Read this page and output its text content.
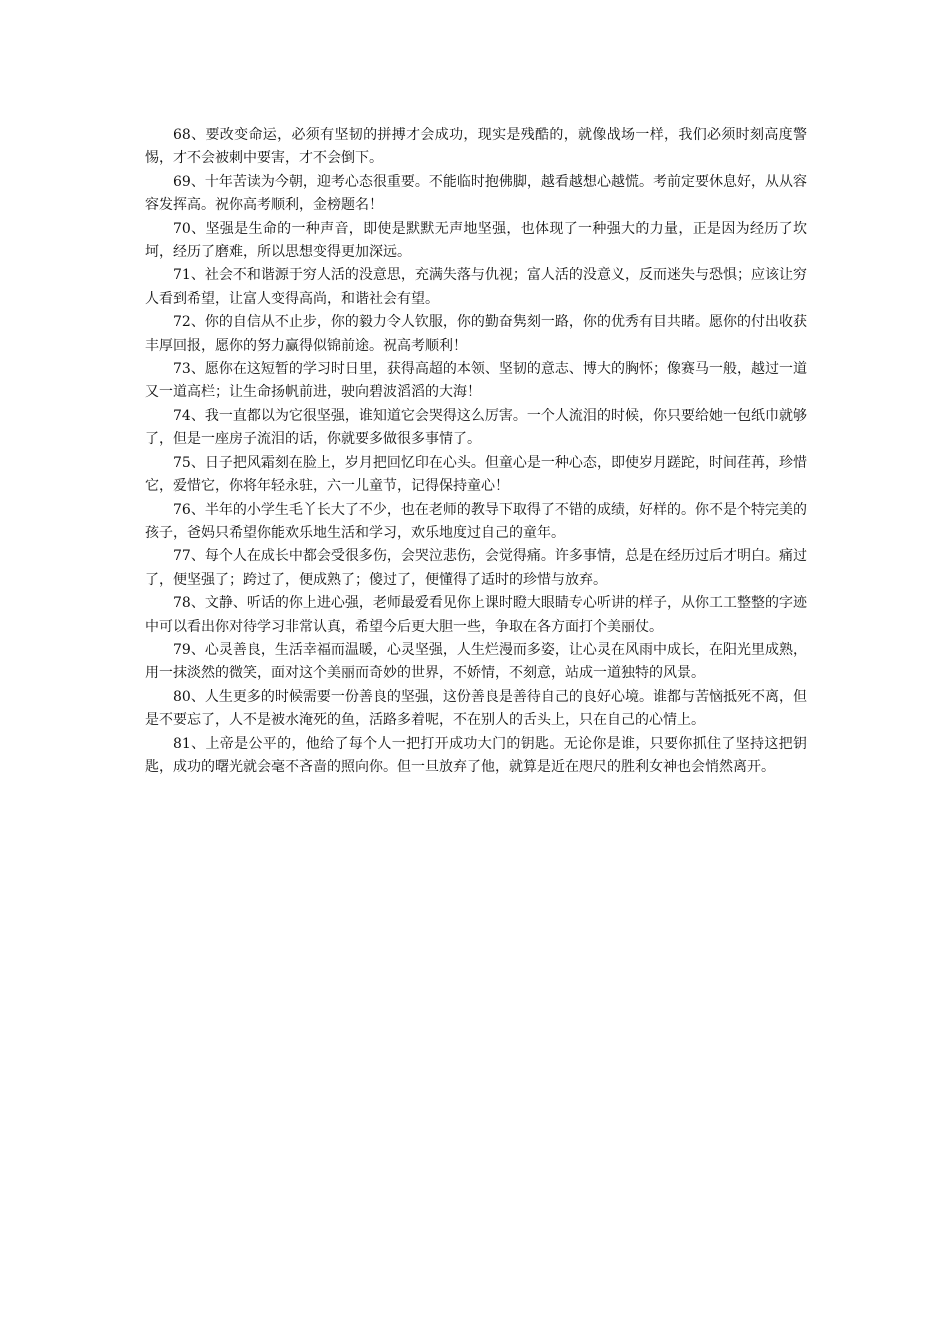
68、要改变命运，必须有坚韧的拼搏才会成功，现实是残酷的，就像战场一样，我们必须时刻高度警惕，才不会被刺中要害，才不会倒下。

69、十年苦读为今朝，迎考心态很重要。不能临时抱佛脚，越看越想心越慌。考前定要休息好，从从容容发挥高。祝你高考顺利，金榜题名！

70、坚强是生命的一种声音，即使是默默无声地坚强，也体现了一种强大的力量，正是因为经历了坎坷，经历了磨难，所以思想变得更加深远。

71、社会不和谐源于穷人活的没意思，充满失落与仇视；富人活的没意义，反而迷失与恐惧；应该让穷人看到希望，让富人变得高尚，和谐社会有望。

72、你的自信从不止步，你的毅力令人钦服，你的勤奋隽刻一路，你的优秀有目共睹。愿你的付出收获丰厚回报，愿你的努力赢得似锦前途。祝高考顺利！

73、愿你在这短暂的学习时日里，获得高超的本领、坚韧的意志、博大的胸怀；像赛马一般，越过一道又一道高栏；让生命扬帆前进，驶向碧波滔滔的大海！

74、我一直都以为它很坚强，谁知道它会哭得这么厉害。一个人流泪的时候，你只要给她一包纸巾就够了，但是一座房子流泪的话，你就要多做很多事情了。

75、日子把风霜刻在脸上，岁月把回忆印在心头。但童心是一种心态，即使岁月蹉跎，时间荏苒，珍惜它，爱惜它，你将年轻永驻，六一儿童节，记得保持童心！

76、半年的小学生毛丫长大了不少，也在老师的教导下取得了不错的成绩，好样的。你不是个特完美的孩子，爸妈只希望你能欢乐地生活和学习，欢乐地度过自己的童年。

77、每个人在成长中都会受很多伤，会哭泣悲伤，会觉得痛。许多事情，总是在经历过后才明白。痛过了，便坚强了；跨过了，便成熟了；傻过了，便懂得了适时的珍惜与放弃。

78、文静、听话的你上进心强，老师最爱看见你上课时瞪大眼睛专心听讲的样子，从你工工整整的字迹中可以看出你对待学习非常认真，希望今后更大胆一些，争取在各方面打个美丽仗。

79、心灵善良，生活幸福而温暖，心灵坚强，人生烂漫而多姿，让心灵在风雨中成长，在阳光里成熟，用一抹淡然的微笑，面对这个美丽而奇妙的世界，不娇情，不刻意，站成一道独特的风景。

80、人生更多的时候需要一份善良的坚强，这份善良是善待自己的良好心境。谁都与苦恼抵死不离，但是不要忘了，人不是被水淹死的鱼，活路多着呢，不在别人的舌头上，只在自己的心情上。

81、上帝是公平的，他给了每个人一把打开成功大门的钥匙。无论你是谁，只要你抓住了坚持这把钥匙，成功的曙光就会毫不吝啬的照向你。但一旦放弃了他，就算是近在咫尺的胜利女神也会悄然离开。
